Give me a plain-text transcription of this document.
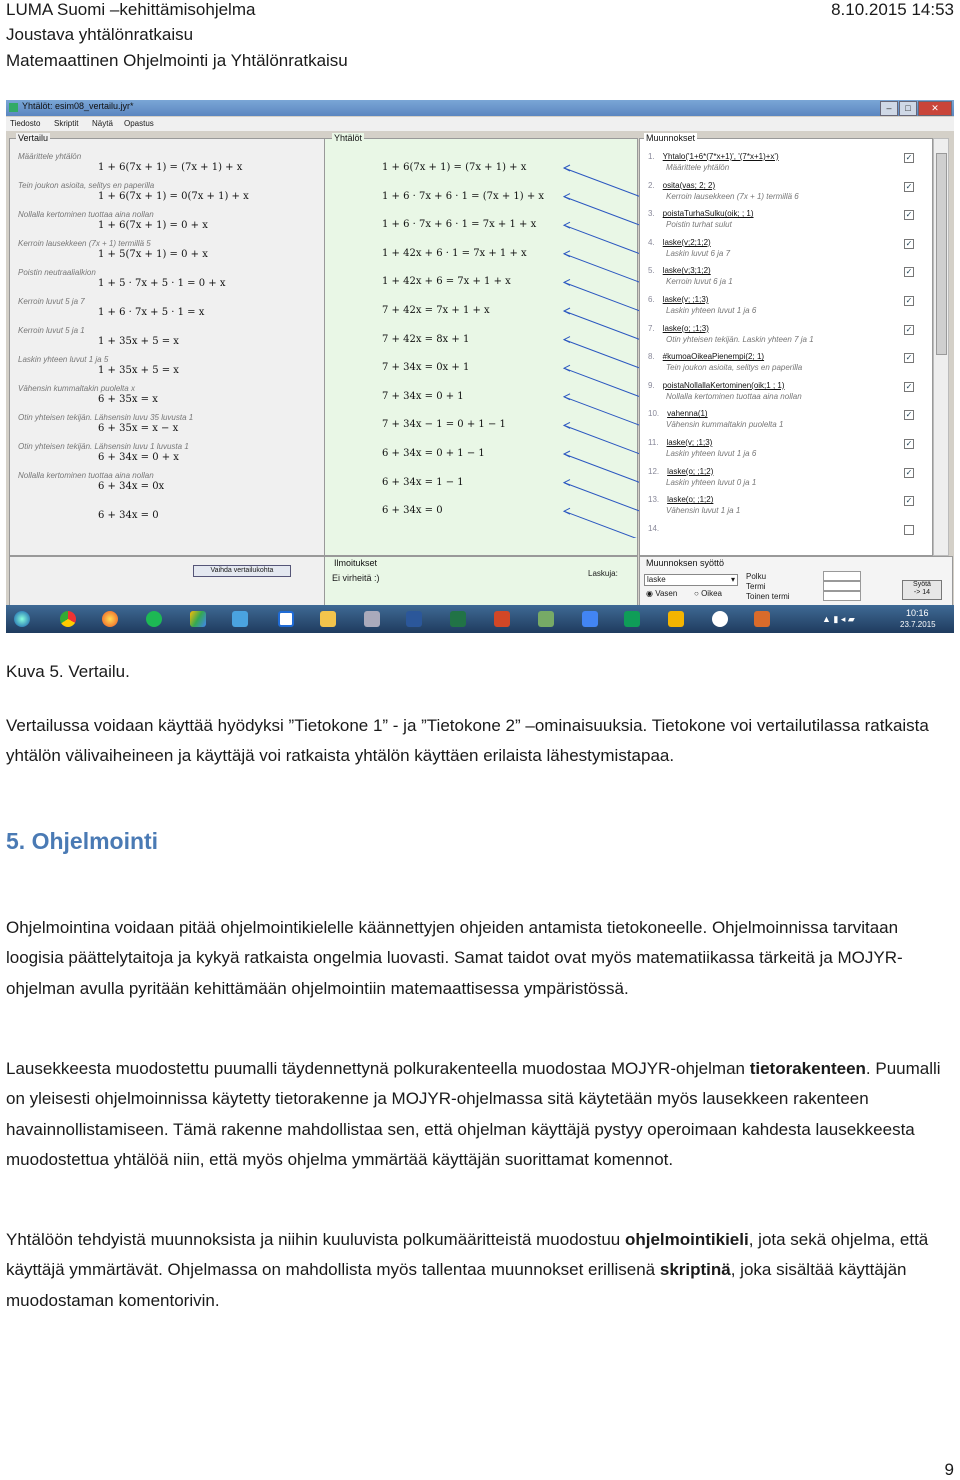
LUMA Suomi –kehittämisohjelma	8.10.2015 14:53
Joustava yhtälönratkaisu
Matemaattinen Ohjelmointi ja Yhtälönratkaisu
Yhtälöt: esim08_vertailu.jyr*	–	□	✕
Tiedosto Skriptit Näytä Opastus
Vertailu	Yhtälöt	Muunnokset
Vaihda vertailukohta
Ilmoitukset
Ei virheitä :)	Laskuja:
Muunnoksen syöttö
laske	▾
◉ Vasen ○ Oikea
Polku
Termi
Toinen termi
Syötä
-> 14
▲ ▮ ◂ ▰
10:16
23.7.2015
Määrittele yhtälön
1 + 6(7x + 1) = (7x + 1) + x
Tein joukon asioita, selitys en paperilla
1 + 6(7x + 1) = 0(7x + 1) + x
Nollalla kertominen tuottaa aina nollan
1 + 6(7x + 1) = 0 + x
Kerroin lausekkeen (7x + 1) termillä 5
1 + 5(7x + 1) = 0 + x
Poistin neutraalialkion
1 + 5 · 7x + 5 · 1 = 0 + x
Kerroin luvut 5 ja 7
1 + 6 · 7x + 5 · 1 = x
Kerroin luvut 5 ja 1
1 + 35x + 5 = x
Laskin yhteen luvut 1 ja 5
1 + 35x + 5 = x
Vähensin kummaltakin puolelta x
6 + 35x = x
Otin yhteisen tekijän. Lähsensin luvu 35 luvusta 1
6 + 35x = x − x
Otin yhteisen tekijän. Lähsensin luvu 1 luvusta 1
6 + 34x = 0 + x
Nollalla kertominen tuottaa aina nollan
6 + 34x = 0x
6 + 34x = 0
1 + 6(7x + 1) = (7x + 1) + x
1 + 6 · 7x + 6 · 1 = (7x + 1) + x
1 + 6 · 7x + 6 · 1 = 7x + 1 + x
1 + 42x + 6 · 1 = 7x + 1 + x
1 + 42x + 6 = 7x + 1 + x
7 + 42x = 7x + 1 + x
7 + 42x = 8x + 1
7 + 34x = 0x + 1
7 + 34x = 0 + 1
7 + 34x − 1 = 0 + 1 − 1
6 + 34x = 0 + 1 − 1
6 + 34x = 1 − 1
6 + 34x = 0
1. Yhtalo('1+6*(7*x+1)', '(7*x+1)+x')
Määrittele yhtälön
✓
2. osita(vas; 2; 2)
Kerroin lausekkeen (7x + 1) termillä 6
✓
3. poistaTurhaSulku(oik; ; 1)
Poistin turhat sulut
✓
4. laske(v;2;1;2)
Laskin luvut 6 ja 7
✓
5. laske(v;3;1;2)
Kerroin luvut 6 ja 1
✓
6. laske(v; ;1;3)
Laskin yhteen luvut 1 ja 6
✓
7. laske(o; ;1;3)
Otin yhteisen tekijän. Laskin yhteen 7 ja 1
✓
8. #kumoaOikeaPienempi(2; 1)
Tein joukon asioita, selitys en paperilla
✓
9. poistaNollallaKertominen(oik;1 ; 1)
Nollalla kertominen tuottaa aina nollan
✓
10. vahenna(1)
Vähensin kummaltakin puolelta 1
✓
11. laske(v; ;1;3)
Laskin yhteen luvut 1 ja 6
✓
12. laske(o; ;1;2)
Laskin yhteen luvut 0 ja 1
✓
13. laske(o; ;1;2)
Vähensin luvut 1 ja 1
✓
14.
Kuva 5. Vertailu.
Vertailussa voidaan käyttää hyödyksi ”Tietokone 1” - ja ”Tietokone 2” –ominaisuuksia. Tietokone voi vertailutilassa ratkaista yhtälön välivaiheineen ja käyttäjä voi ratkaista yhtälön käyttäen erilaista lähestymistapaa.
5. Ohjelmointi
Ohjelmointina voidaan pitää ohjelmointikielelle käännettyjen ohjeiden antamista tietokoneelle. Ohjelmoinnissa tarvitaan loogisia päättelytaitoja ja kykyä ratkaista ongelmia luovasti. Samat taidot ovat myös matematiikassa tärkeitä ja MOJYR-ohjelman avulla pyritään kehittämään ohjelmointiin matemaattisessa ympäristössä.
Lausekkeesta muodostettu puumalli täydennettynä polkurakenteella muodostaa MOJYR-ohjelman tietorakenteen. Puumalli on yleisesti ohjelmoinnissa käytetty tietorakenne ja MOJYR-ohjelmassa sitä käytetään myös lausekkeen rakenteen havainnollistamiseen. Tämä rakenne mahdollistaa sen, että ohjelman käyttäjä pystyy operoimaan kahdesta lausekkeesta muodostettua yhtälöä niin, että myös ohjelma ymmärtää käyttäjän suorittamat komennot.
Yhtälöön tehdyistä muunnoksista ja niihin kuuluvista polkumääritteistä muodostuu ohjelmointikieli, jota sekä ohjelma, että käyttäjä ymmärtävät. Ohjelmassa on mahdollista myös tallentaa muunnokset erillisenä skriptinä, joka sisältää käyttäjän muodostaman komentorivin.
9
